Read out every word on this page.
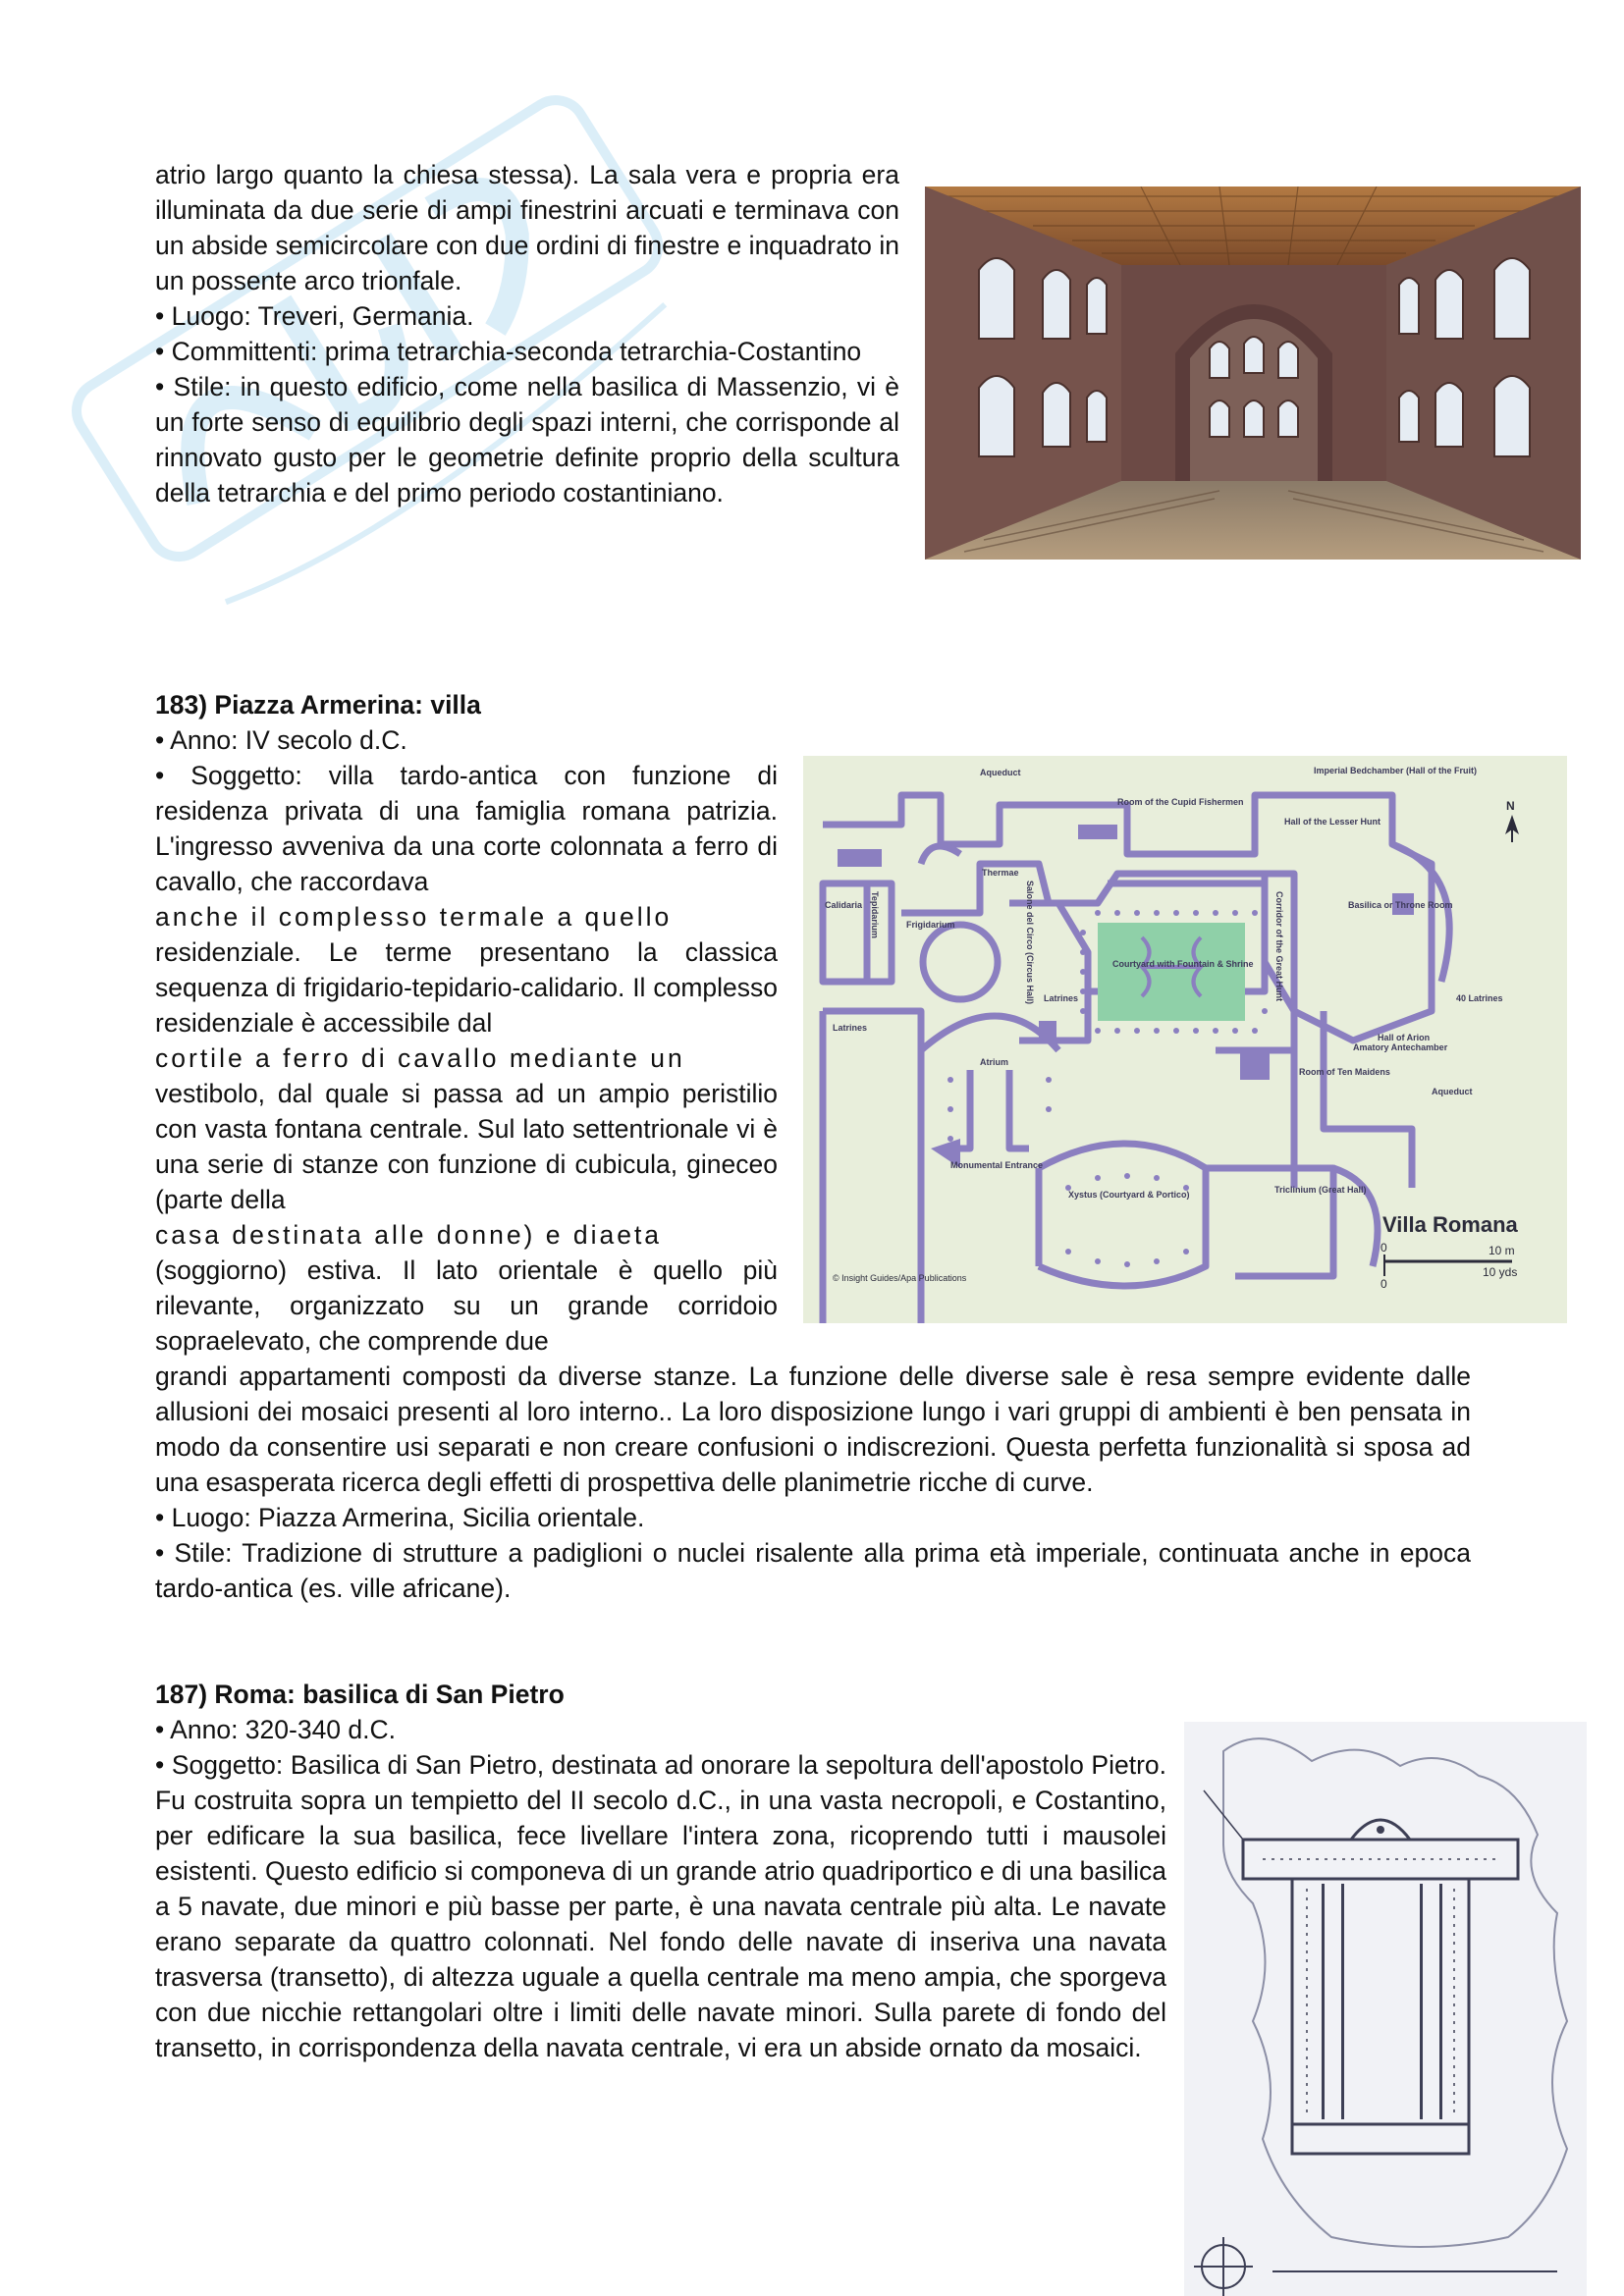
atrio largo quanto la chiesa stessa). La sala vera e propria era illuminata da due serie di ampi finestrini arcuati e terminava con un abside semicircolare con due ordini di finestre e inquadrato in un possente arco trionfale.

• Luogo: Treveri, Germania.

• Committenti: prima tetrarchia-seconda tetrarchia-Costantino

• Stile: in questo edificio, come nella basilica di Massenzio, vi è un forte senso di equilibrio degli spazi interni, che corrisponde al rinnovato gusto per le geometrie definite proprio della scultura della tetrarchia e del primo periodo costantiniano.

183) Piazza Armerina: villa

• Anno: IV secolo d.C.

• Soggetto: villa tardo-antica con funzione di residenza privata di una famiglia romana patrizia. L'ingresso avveniva da una corte colonnata a ferro di cavallo, che raccordava

anche il complesso termale a quello

residenziale. Le terme presentano la classica sequenza di frigidario-tepidario-calidario. Il complesso residenziale è accessibile dal

cortile a ferro di cavallo mediante un

vestibolo, dal quale si passa ad un ampio peristilio con vasta fontana centrale. Sul lato settentrionale vi è una serie di stanze con funzione di cubicula, gineceo (parte della

casa destinata alle donne) e diaeta

(soggiorno) estiva. Il lato orientale è quello più rilevante, organizzato su un grande corridoio sopraelevato, che comprende due

Aqueduct
Room of the Cupid Fishermen
Imperial Bedchamber (Hall of the Fruit)
Hall of the Lesser Hunt
Thermae
Calidaria Tepidarium	Frigidarium	Salone del Circo (Circus Hall)	Corridor of the Great Hunt	Basilica or Throne Room
Courtyard with Fountain & Shrine
Latrines
Latrines
40 Latrines
Hall of Arion
Amatory Antechamber
Room of Ten Maidens
Atrium
Aqueduct
Monumental Entrance
Xystus (Courtyard & Portico)	Triclinium (Great Hall)
Villa Romana
© Insight Guides/Apa Publications
0
0
10 m
10 yds
N

grandi appartamenti composti da diverse stanze. La funzione delle diverse sale è resa sempre evidente dalle allusioni dei mosaici presenti al loro interno.. La loro disposizione lungo i vari gruppi di ambienti è ben pensata in modo da consentire usi separati e non creare confusioni o indiscrezioni. Questa perfetta funzionalità si sposa ad una esasperata ricerca degli effetti di prospettiva delle planimetrie ricche di curve.

• Luogo: Piazza Armerina, Sicilia orientale.

• Stile: Tradizione di strutture a padiglioni o nuclei risalente alla prima età imperiale, continuata anche in epoca tardo-antica (es. ville africane).

187) Roma: basilica di San Pietro

• Anno: 320-340 d.C.

• Soggetto: Basilica di San Pietro, destinata ad onorare la sepoltura dell'apostolo Pietro. Fu costruita sopra un tempietto del II secolo d.C., in una vasta necropoli, e Costantino, per edificare la sua basilica, fece livellare l'intera zona, ricoprendo tutti i mausolei esistenti. Questo edificio si componeva di un grande atrio quadriportico e di una basilica a 5 navate, due minori e più basse per parte, è una navata centrale più alta. Le navate erano separate da quattro colonnati. Nel fondo delle navate di inseriva una navata trasversa (transetto), di altezza uguale a quella centrale ma meno ampia, che sporgeva con due nicchie rettangolari oltre i limiti delle navate minori. Sulla parete di fondo del transetto, in corrispondenza della navata centrale, vi era un abside ornato da mosaici.
